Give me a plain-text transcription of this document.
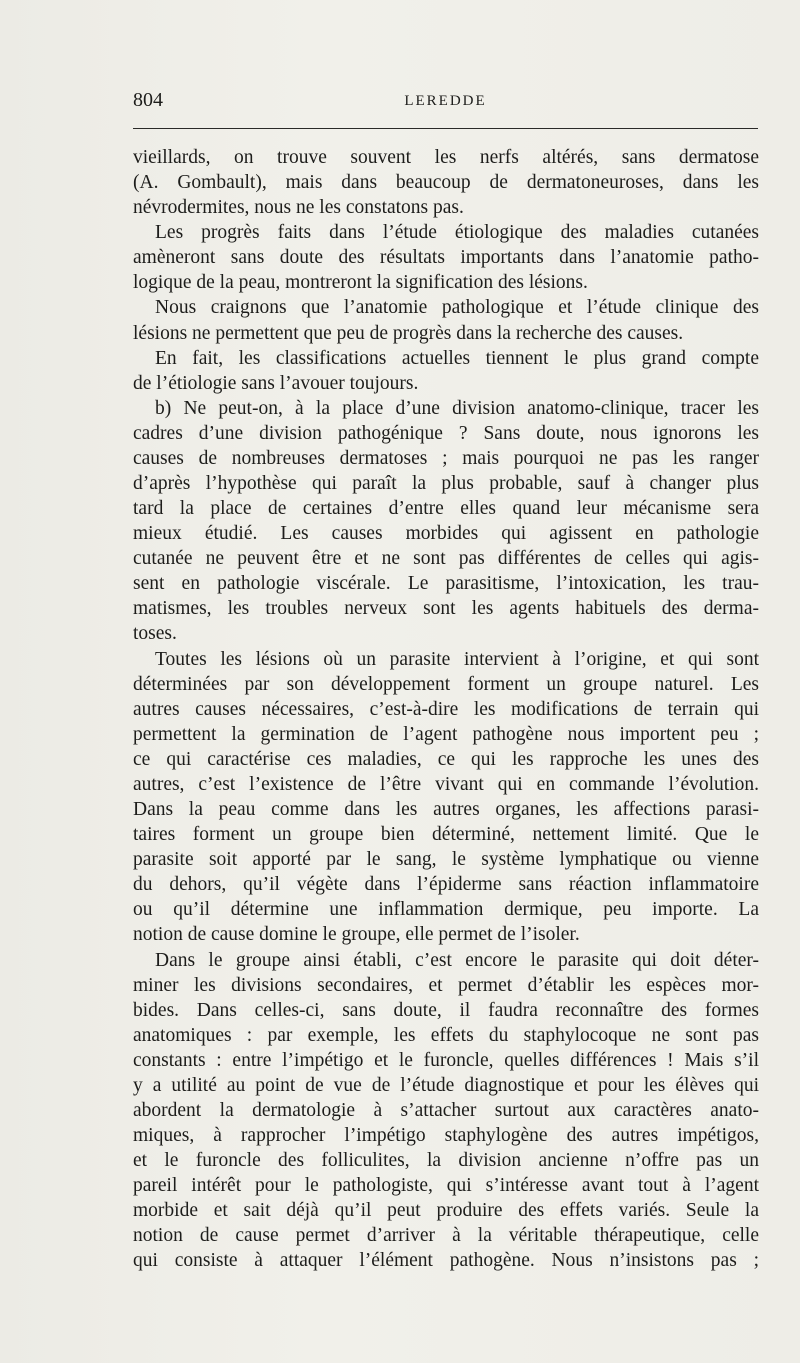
804	LEREDDE
vieillards, on trouve souvent les nerfs altérés, sans dermatose
(A. Gombault), mais dans beaucoup de dermatoneuroses, dans les
névrodermites, nous ne les constatons pas.
Les progrès faits dans l’étude étiologique des maladies cutanées
amèneront sans doute des résultats importants dans l’anatomie patho-
logique de la peau, montreront la signification des lésions.
Nous craignons que l’anatomie pathologique et l’étude clinique des
lésions ne permettent que peu de progrès dans la recherche des causes.
En fait, les classifications actuelles tiennent le plus grand compte
de l’étiologie sans l’avouer toujours.
b) Ne peut-on, à la place d’une division anatomo-clinique, tracer les
cadres d’une division pathogénique ? Sans doute, nous ignorons les
causes de nombreuses dermatoses ; mais pourquoi ne pas les ranger
d’après l’hypothèse qui paraît la plus probable, sauf à changer plus
tard la place de certaines d’entre elles quand leur mécanisme sera
mieux étudié. Les causes morbides qui agissent en pathologie
cutanée ne peuvent être et ne sont pas différentes de celles qui agis-
sent en pathologie viscérale. Le parasitisme, l’intoxication, les trau-
matismes, les troubles nerveux sont les agents habituels des derma-
toses.
Toutes les lésions où un parasite intervient à l’origine, et qui sont
déterminées par son développement forment un groupe naturel. Les
autres causes nécessaires, c’est-à-dire les modifications de terrain qui
permettent la germination de l’agent pathogène nous importent peu ;
ce qui caractérise ces maladies, ce qui les rapproche les unes des
autres, c’est l’existence de l’être vivant qui en commande l’évolution.
Dans la peau comme dans les autres organes, les affections parasi-
taires forment un groupe bien déterminé, nettement limité. Que le
parasite soit apporté par le sang, le système lymphatique ou vienne
du dehors, qu’il végète dans l’épiderme sans réaction inflammatoire
ou qu’il détermine une inflammation dermique, peu importe. La
notion de cause domine le groupe, elle permet de l’isoler.
Dans le groupe ainsi établi, c’est encore le parasite qui doit déter-
miner les divisions secondaires, et permet d’établir les espèces mor-
bides. Dans celles-ci, sans doute, il faudra reconnaître des formes
anatomiques : par exemple, les effets du staphylocoque ne sont pas
constants : entre l’impétigo et le furoncle, quelles différences ! Mais s’il
y a utilité au point de vue de l’étude diagnostique et pour les élèves qui
abordent la dermatologie à s’attacher surtout aux caractères anato-
miques, à rapprocher l’impétigo staphylogène des autres impétigos,
et le furoncle des folliculites, la division ancienne n’offre pas un
pareil intérêt pour le pathologiste, qui s’intéresse avant tout à l’agent
morbide et sait déjà qu’il peut produire des effets variés. Seule la
notion de cause permet d’arriver à la véritable thérapeutique, celle
qui consiste à attaquer l’élément pathogène. Nous n’insistons pas ;
